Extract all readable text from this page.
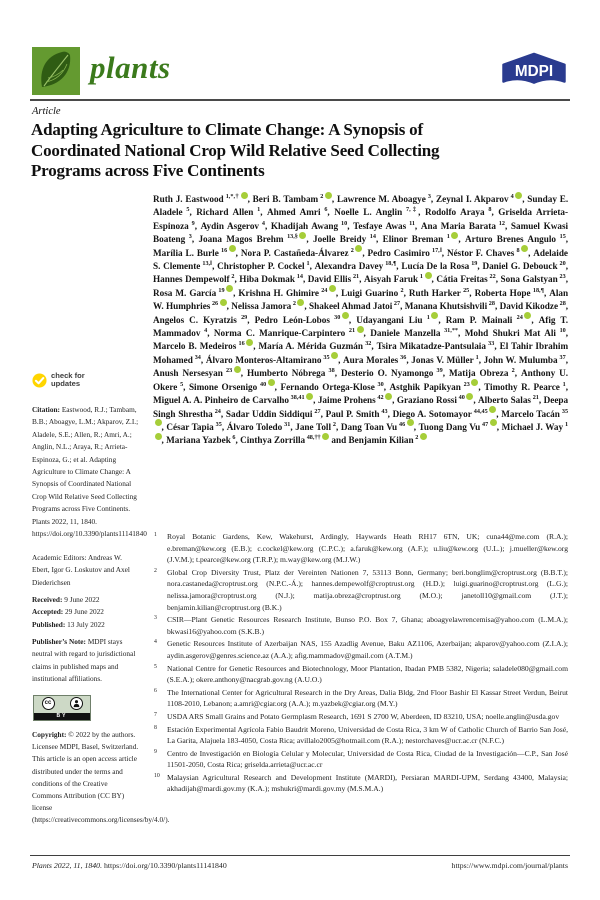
plants	MDPI
Article
Adapting Agriculture to Climate Change: A Synopsis of Coordinated National Crop Wild Relative Seed Collecting Programs across Five Continents
Ruth J. Eastwood $^{1,*,\dagger}$ , Beri B. Tambam $^2$ , Lawrence M. Aboagye $^3$, Zeynal I. Akparov $^4$ , Sunday E. Aladele $^5$, Richard Allen $^1$, Ahmed Amri $^6$, Noelle L. Anglin $^{7,\ddagger}$, Rodolfo Araya $^8$, Griselda Arrieta-Espinoza $^9$, Aydin Asgerov $^4$, Khadijah Awang $^{10}$, Tesfaye Awas $^{11}$, Ana Maria Barata $^{12}$, Samuel Kwasi Boateng $^3$, Joana Magos Brehm $^{13,\S}$ , Joelle Breidy $^{14}$, Elinor Breman $^1$ , Arturo Brenes Angulo $^{15}$, Marília L. Burle $^{16}$ , Nora P. Castañeda-Álvarez $^2$ , Pedro Casimiro $^{17,‖}$, Néstor F. Chaves $^8$ , Adelaide S. Clemente $^{13,‖}$, Christopher P. Cockel $^1$, Alexandra Davey $^{18,\P}$, Lucía De la Rosa $^{19}$, Daniel G. Debouck $^{20}$, Hannes Dempewolf $^2$, Hiba Dokmak $^{14}$, David Ellis $^{21}$, Aisyah Faruk $^1$ , Cátia Freitas $^{22}$, Sona Galstyan $^{23}$, Rosa M. García $^{19}$ , Krishna H. Ghimire $^{24}$ , Luigi Guarino $^2$, Ruth Harker $^{25}$, Roberta Hope $^{18,\P}$, Alan W. Humphries $^{26}$ , Nelissa Jamora $^2$ , Shakeel Ahmad Jatoi $^{27}$, Manana Khutsishvili $^{28}$, David Kikodze $^{28}$, Angelos C. Kyratzis $^{29}$, Pedro León-Lobos $^{30}$ , Udayangani Liu $^1$ , Ram P. Mainali $^{24}$ , Afig T. Mammadov $^4$, Norma C. Manrique-Carpintero $^{21}$ , Daniele Manzella $^{31,**}$, Mohd Shukri Mat Ali $^{10}$, Marcelo B. Medeiros $^{16}$ , María A. Mérida Guzmán $^{32}$, Tsira Mikatadze-Pantsulaia $^{33}$, El Tahir Ibrahim Mohamed $^{34}$, Álvaro Monteros-Altamirano $^{35}$ , Aura Morales $^{36}$, Jonas V. Müller $^1$, John W. Mulumba $^{37}$, Anush Nersesyan $^{23}$ , Humberto Nóbrega $^{38}$, Desterio O. Nyamongo $^{39}$, Matija Obreza $^2$, Anthony U. Okere $^5$, Simone Orsenigo $^{40}$ , Fernando Ortega-Klose $^{30}$, Astghik Papikyan $^{23}$ , Timothy R. Pearce $^1$, Miguel A. A. Pinheiro de Carvalho $^{38,41}$ , Jaime Prohens $^{42}$ , Graziano Rossi $^{40}$ , Alberto Salas $^{21}$, Deepa Singh Shrestha $^{24}$, Sadar Uddin Siddiqui $^{27}$, Paul P. Smith $^{43}$, Diego A. Sotomayor $^{44,45}$ , Marcelo Tacán $^{35}$, César Tapia $^{35}$, Álvaro Toledo $^{31}$, Jane Toll $^2$, Dang Toan Vu $^{46}$ , Tuong Dang Vu $^{47}$ , Michael J. Way $^1$, Mariana Yazbek $^6$, Cinthya Zorrilla $^{48,\dagger\dagger}$ and Benjamin Kilian $^2$
1 Royal Botanic Gardens, Kew, Wakehurst, Ardingly, Haywards Heath RH17 6TN, UK; cuna44@me.com (R.A.); e.breman@kew.org (E.B.); c.cockel@kew.org (C.P.C.); a.faruk@kew.org (A.F.); u.liu@kew.org (U.L.); j.mueller@kew.org (J.V.M.); t.pearce@kew.org (T.R.P.); m.way@kew.org (M.J.W.)
2 Global Crop Diversity Trust, Platz der Vereinten Nationen 7, 53113 Bonn, Germany; beri.bonglim@croptrust.org (B.B.T.); nora.castaneda@croptrust.org (N.P.C.-Á.); hannes.dempewolf@croptrust.org (H.D.); luigi.guarino@croptrust.org (L.G.); nelissa.jamora@croptrust.org (N.J.); matija.obreza@croptrust.org (M.O.); janetoll10@gmail.com (J.T.); benjamin.kilian@croptrust.org (B.K.)
3 CSIR—Plant Genetic Resources Research Institute, Bunso P.O. Box 7, Ghana; aboagyelawrencemisa@yahoo.com (L.M.A.); bkwasi16@yahoo.com (S.K.B.)
4 Genetic Resources Institute of Azerbaijan NAS, 155 Azadlig Avenue, Baku AZ1106, Azerbaijan; akparov@yahoo.com (Z.I.A.); aydin.asgerov@genres.science.az (A.A.); afig.mammadov@gmail.com (A.T.M.)
5 National Centre for Genetic Resources and Biotechnology, Moor Plantation, Ibadan PMB 5382, Nigeria; saladele080@gmail.com (S.E.A.); okere.anthony@nacgrab.gov.ng (A.U.O.)
6 The International Center for Agricultural Research in the Dry Areas, Dalia Bldg, 2nd Floor Bashir El Kassar Street Verdun, Beirut 1108-2010, Lebanon; a.amri@cgiar.org (A.A.); m.yazbek@cgiar.org (M.Y.)
7 USDA ARS Small Grains and Potato Germplasm Research, 1691 S 2700 W, Aberdeen, ID 83210, USA; noelle.anglin@usda.gov
8 Estación Experimental Agrícola Fabio Baudrit Moreno, Universidad de Costa Rica, 3 km W of Catholic Church of Barrio San José, La Garita, Alajuela 183-4050, Costa Rica; avillalo2005@hotmail.com (R.A.); nestorchaves@ucr.ac.cr (N.F.C.)
9 Centro de Investigación en Biología Celular y Molecular, Universidad de Costa Rica, Ciudad de la Investigación—C.P., San José 11501-2050, Costa Rica; griselda.arrieta@ucr.ac.cr
10 Malaysian Agricultural Research and Development Institute (MARDI), Persiaran MARDI-UPM, Serdang 43400, Malaysia; akhadijah@mardi.gov.my (K.A.); mshukri@mardi.gov.my (M.S.M.A.)
check for
updates
Citation: Eastwood, R.J.; Tambam, B.B.; Aboagye, L.M.; Akparov, Z.I.; Aladele, S.E.; Allen, R.; Amri, A.; Anglin, N.L.; Araya, R.; Arrieta-Espinoza, G.; et al. Adapting Agriculture to Climate Change: A Synopsis of Coordinated National Crop Wild Relative Seed Collecting Programs across Five Continents. Plants 2022, 11, 1840. https://doi.org/10.3390/plants11141840
Academic Editors: Andreas W. Ebert, Igor G. Loskutov and Axel Diederichsen
Received: 9 June 2022
Accepted: 29 June 2022
Published: 13 July 2022
Publisher’s Note: MDPI stays neutral with regard to jurisdictional claims in published maps and institutional affiliations.
cc
BY
Copyright: © 2022 by the authors. Licensee MDPI, Basel, Switzerland. This article is an open access article distributed under the terms and conditions of the Creative Commons Attribution (CC BY) license (https://creativecommons.org/licenses/by/4.0/).
Plants 2022, 11, 1840. https://doi.org/10.3390/plants11141840	https://www.mdpi.com/journal/plants
